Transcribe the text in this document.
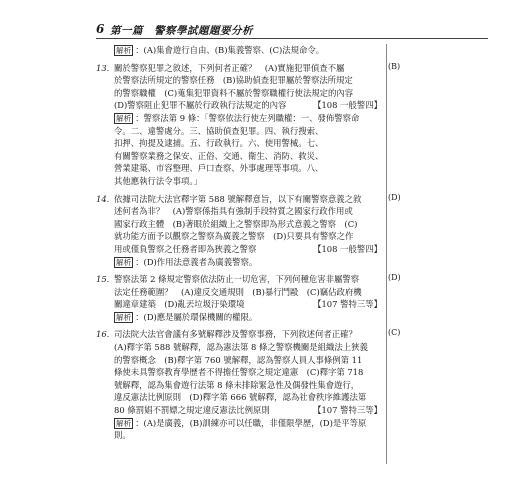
6 第一篇　警察學試題題要分析
解析 ：(A)集會遊行自由、(B)集義警察、(C)法規命令。
13. 關於警察犯罪之敘述，下列何者正確？　(A)實施犯罪偵查不屬
於警察法所規定的警察任務　(B)協助偵查犯罪屬於警察法所規定
的警察職權　(C)蒐集犯罪資料不屬於警察職權行使法規定的內容
(D)警察阻止犯罪不屬於行政執行法規定的內容	【108 一般警四】
解析 ：警察法第 9 條：「警察依法行使左列職權：一、發佈警察命
令。二、違警處分。三、協助偵查犯罪。四、執行搜索、
扣押、拘提及逮捕。五、行政執行。六、使用警械。七、
有關警察業務之保安、正俗、交通、衛生、消防、救災、
營業建築、市容整理、戶口查察、外事處理等事項。八、
其他應執行法令事項。」
14. 依據司法院大法官釋字第 588 號解釋意旨，以下有關警察意義之敘
述何者為非？　(A)警察係指具有強制手段特質之國家行政作用或
國家行政主體　(B)著眼於組織上之警察即為形式意義之警察　(C)
就功能方面予以觀察之警察為廣義之警察　(D)只要具有警察之作
用或僅負警察之任務者即為狹義之警察	【108 一般警四】
解析 ：(D)作用法意義者為廣義警察。
15. 警察法第 2 條規定警察依法防止一切危害，下列何種危害非屬警察
法定任務範圍？　(A)違反交通規則　(B)暴行鬥毆　(C)竊佔政府機
關違章建築　(D)亂丟垃圾汙染環境	【107 警特三等】
解析 ：(D)應是屬於環保機關的權限。
16. 司法院大法官會議有多號解釋涉及警察事務，下列敘述何者正確？
(A)釋字第 588 號解釋，認為憲法第 8 條之警察機關是組織法上狹義
的警察概念　(B)釋字第 760 號解釋，認為警察人員人事條例第 11
條使未具警察教育學歷者不得擔任警察之規定違憲　(C)釋字第 718
號解釋，認為集會遊行法第 8 條未排除緊急性及偶發性集會遊行，
違反憲法比例原則　(D)釋字第 666 號解釋，認為社會秩序維護法第
80 條罰娼不罰嫖之規定違反憲法比例原則	【107 警特三等】
解析 ：(A)是廣義，(B)訓練亦可以任職，非僅限學歷，(D)是平等原
則。
(B)
(D)
(D)
(C)
